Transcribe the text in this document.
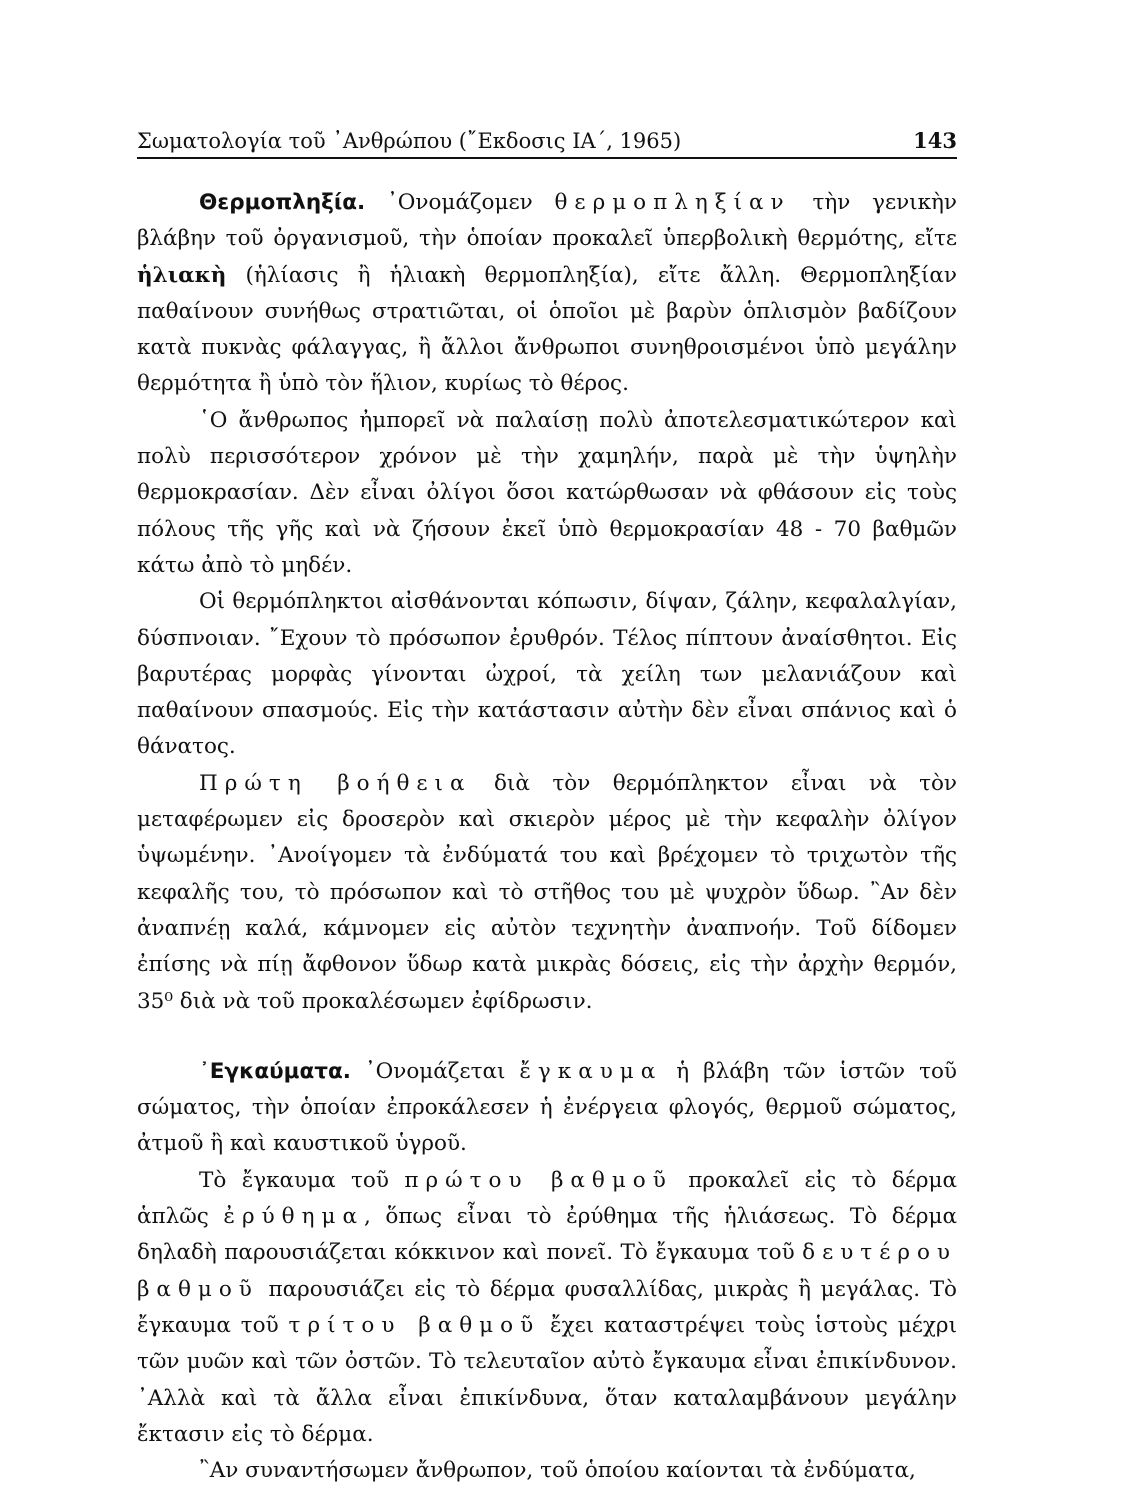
Σωματολογία τοῦ ᾽Ανθρώπου (῎Εκδοσις ΙΑ΄, 1965)	143

Θερμοπληξία. ᾽Ονομάζομεν θερμοπληξίαν τὴν γενικὴν βλάβην τοῦ ὀργανισμοῦ, τὴν ὁποίαν προκαλεῖ ὑπερβολικὴ θερμότης, εἴτε ἡλιακὴ (ἡλίασις ἢ ἡλιακὴ θερμοπληξία), εἴτε ἄλλη. Θερμοπληξίαν παθαίνουν συνήθως στρατιῶται, οἱ ὁποῖοι μὲ βαρὺν ὁπλισμὸν βαδίζουν κατὰ πυκνὰς φάλαγγας, ἢ ἄλλοι ἄνθρωποι συνηθροισμένοι ὑπὸ μεγάλην θερμότητα ἢ ὑπὸ τὸν ἥλιον, κυρίως τὸ θέρος.

῾Ο ἄνθρωπος ἠμπορεῖ νὰ παλαίσῃ πολὺ ἀποτελεσματικώτερον καὶ πολὺ περισσότερον χρόνον μὲ τὴν χαμηλήν, παρὰ μὲ τὴν ὑψηλὴν θερμοκρασίαν. Δὲν εἶναι ὀλίγοι ὅσοι κατώρθωσαν νὰ φθάσουν εἰς τοὺς πόλους τῆς γῆς καὶ νὰ ζήσουν ἐκεῖ ὑπὸ θερμοκρασίαν 48 - 70 βαθμῶν κάτω ἀπὸ τὸ μηδέν.

Οἱ θερμόπληκτοι αἰσθάνονται κόπωσιν, δίψαν, ζάλην, κεφαλαλγίαν, δύσπνοιαν. ῎Εχουν τὸ πρόσωπον ἐρυθρόν. Τέλος πίπτουν ἀναίσθητοι. Εἰς βαρυτέρας μορφὰς γίνονται ὠχροί, τὰ χείλη των μελανιάζουν καὶ παθαίνουν σπασμούς. Εἰς τὴν κατάστασιν αὐτὴν δὲν εἶναι σπάνιος καὶ ὁ θάνατος.

Πρώτη βοήθεια διὰ τὸν θερμόπληκτον εἶναι νὰ τὸν μεταφέρωμεν εἰς δροσερὸν καὶ σκιερὸν μέρος μὲ τὴν κεφαλὴν ὀλίγον ὑψωμένην. ᾽Ανοίγομεν τὰ ἐνδύματά του καὶ βρέχομεν τὸ τριχωτὸν τῆς κεφαλῆς του, τὸ πρόσωπον καὶ τὸ στῆθος του μὲ ψυχρὸν ὕδωρ. ῍Αν δὲν ἀναπνέῃ καλά, κάμνομεν εἰς αὐτὸν τεχνητὴν ἀναπνοήν. Τοῦ δίδομεν ἐπίσης νὰ πίῃ ἄφθονον ὕδωρ κατὰ μικρὰς δόσεις, εἰς τὴν ἀρχὴν θερμόν, 35⁰ διὰ νὰ τοῦ προκαλέσωμεν ἐφίδρωσιν.

᾽Εγκαύματα. ᾽Ονομάζεται ἔγκαυμα ἡ βλάβη τῶν ἱστῶν τοῦ σώματος, τὴν ὁποίαν ἐπροκάλεσεν ἡ ἐνέργεια φλογός, θερμοῦ σώματος, ἀτμοῦ ἢ καὶ καυστικοῦ ὑγροῦ.

Τὸ ἔγκαυμα τοῦ πρώτου βαθμοῦ προκαλεῖ εἰς τὸ δέρμα ἁπλῶς ἐρύθημα, ὅπως εἶναι τὸ ἐρύθημα τῆς ἡλιάσεως. Τὸ δέρμα δηλαδὴ παρουσιάζεται κόκκινον καὶ πονεῖ. Τὸ ἔγκαυμα τοῦ δευτέρου βαθμοῦ παρουσιάζει εἰς τὸ δέρμα φυσαλλίδας, μικρὰς ἢ μεγάλας. Τὸ ἔγκαυμα τοῦ τρίτου βαθμοῦ ἔχει καταστρέψει τοὺς ἱστοὺς μέχρι τῶν μυῶν καὶ τῶν ὀστῶν. Τὸ τελευταῖον αὐτὸ ἔγκαυμα εἶναι ἐπικίνδυνον. ᾽Αλλὰ καὶ τὰ ἄλλα εἶναι ἐπικίνδυνα, ὅταν καταλαμβάνουν μεγάλην ἔκτασιν εἰς τὸ δέρμα.

῍Αν συναντήσωμεν ἄνθρωπον, τοῦ ὁποίου καίονται τὰ ἐνδύματα,
